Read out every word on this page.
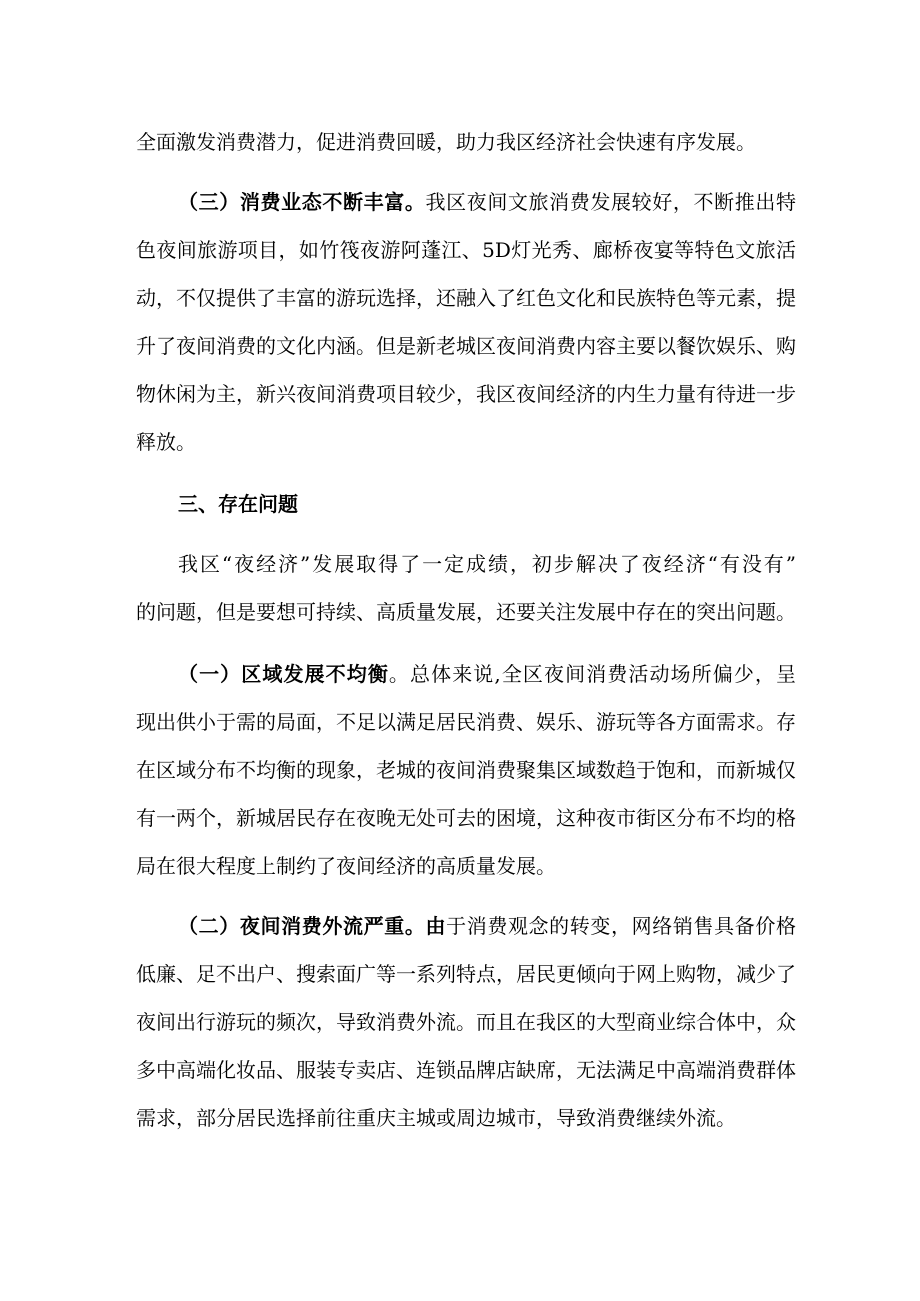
全面激发消费潜力，促进消费回暖，助力我区经济社会快速有序发展。
（三）消费业态不断丰富。我区夜间文旅消费发展较好，不断推出特
色夜间旅游项目，如竹筏夜游阿蓬江、5D灯光秀、廊桥夜宴等特色文旅活
动，不仅提供了丰富的游玩选择，还融入了红色文化和民族特色等元素，提
升了夜间消费的文化内涵。但是新老城区夜间消费内容主要以餐饮娱乐、购
物休闲为主，新兴夜间消费项目较少，我区夜间经济的内生力量有待进一步
释放。
三、存在问题
我区“夜经济”发展取得了一定成绩，初步解决了夜经济“有没有”
的问题，但是要想可持续、高质量发展，还要关注发展中存在的突出问题。
（一）区域发展不均衡。总体来说,全区夜间消费活动场所偏少，呈
现出供小于需的局面，不足以满足居民消费、娱乐、游玩等各方面需求。存
在区域分布不均衡的现象，老城的夜间消费聚集区域数趋于饱和，而新城仅
有一两个，新城居民存在夜晚无处可去的困境，这种夜市街区分布不均的格
局在很大程度上制约了夜间经济的高质量发展。
（二）夜间消费外流严重。由于消费观念的转变，网络销售具备价格
低廉、足不出户、搜索面广等一系列特点，居民更倾向于网上购物，减少了
夜间出行游玩的频次，导致消费外流。而且在我区的大型商业综合体中，众
多中高端化妆品、服装专卖店、连锁品牌店缺席，无法满足中高端消费群体
需求，部分居民选择前往重庆主城或周边城市，导致消费继续外流。
